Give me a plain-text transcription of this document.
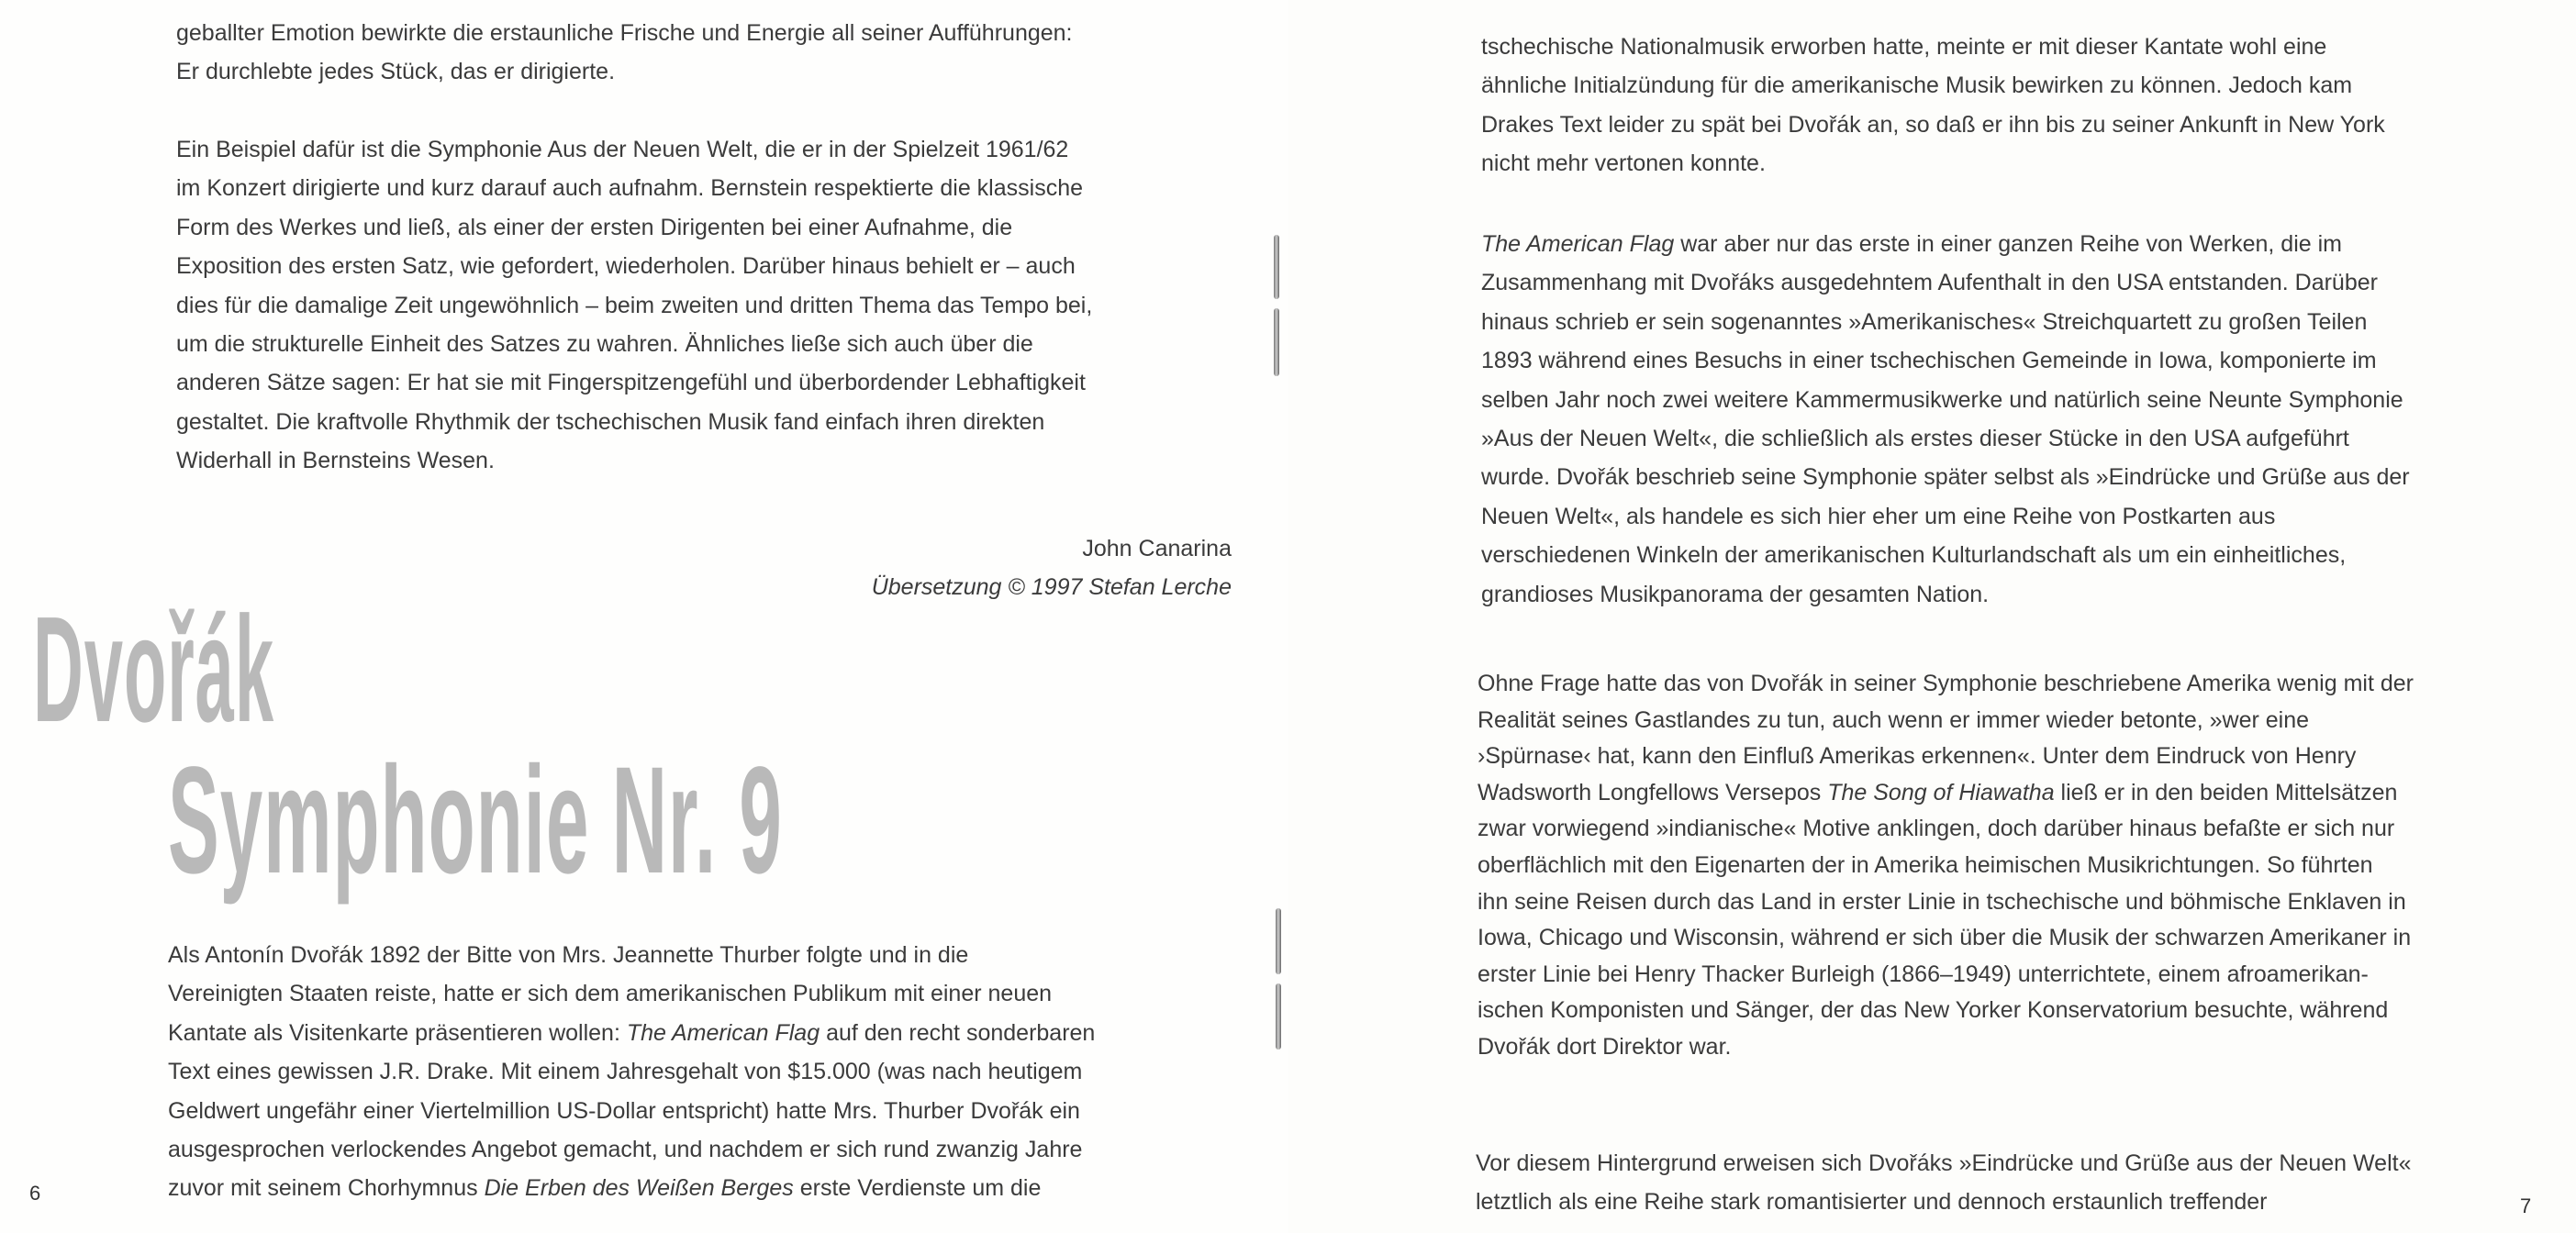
geballter Emotion bewirkte die erstaunliche Frische und Energie all seiner Aufführungen:
Er durchlebte jedes Stück, das er dirigierte.
Ein Beispiel dafür ist die Symphonie Aus der Neuen Welt, die er in der Spielzeit 1961/62
im Konzert dirigierte und kurz darauf auch aufnahm. Bernstein respektierte die klassische
Form des Werkes und ließ, als einer der ersten Dirigenten bei einer Aufnahme, die
Exposition des ersten Satz, wie gefordert, wiederholen. Darüber hinaus behielt er – auch
dies für die damalige Zeit ungewöhnlich – beim zweiten und dritten Thema das Tempo bei,
um die strukturelle Einheit des Satzes zu wahren. Ähnliches ließe sich auch über die
anderen Sätze sagen: Er hat sie mit Fingerspitzengefühl und überbordender Lebhaftigkeit
gestaltet. Die kraftvolle Rhythmik der tschechischen Musik fand einfach ihren direkten
Widerhall in Bernsteins Wesen.
John Canarina
Übersetzung © 1997 Stefan Lerche
Dvořák
Symphonie Nr. 9
Als Antonín Dvořák 1892 der Bitte von Mrs. Jeannette Thurber folgte und in die
Vereinigten Staaten reiste, hatte er sich dem amerikanischen Publikum mit einer neuen
Kantate als Visitenkarte präsentieren wollen: The American Flag auf den recht sonderbaren
Text eines gewissen J.R. Drake. Mit einem Jahresgehalt von $15.000 (was nach heutigem
Geldwert ungefähr einer Viertelmillion US-Dollar entspricht) hatte Mrs. Thurber Dvořák ein
ausgesprochen verlockendes Angebot gemacht, und nachdem er sich rund zwanzig Jahre
zuvor mit seinem Chorhymnus Die Erben des Weißen Berges erste Verdienste um die
6
tschechische Nationalmusik erworben hatte, meinte er mit dieser Kantate wohl eine
ähnliche Initialzündung für die amerikanische Musik bewirken zu können. Jedoch kam
Drakes Text leider zu spät bei Dvořák an, so daß er ihn bis zu seiner Ankunft in New York
nicht mehr vertonen konnte.
The American Flag war aber nur das erste in einer ganzen Reihe von Werken, die im
Zusammenhang mit Dvořáks ausgedehntem Aufenthalt in den USA entstanden. Darüber
hinaus schrieb er sein sogenanntes »Amerikanisches« Streichquartett zu großen Teilen
1893 während eines Besuchs in einer tschechischen Gemeinde in Iowa, komponierte im
selben Jahr noch zwei weitere Kammermusikwerke und natürlich seine Neunte Symphonie
»Aus der Neuen Welt«, die schließlich als erstes dieser Stücke in den USA aufgeführt
wurde. Dvořák beschrieb seine Symphonie später selbst als »Eindrücke und Grüße aus der
Neuen Welt«, als handele es sich hier eher um eine Reihe von Postkarten aus
verschiedenen Winkeln der amerikanischen Kulturlandschaft als um ein einheitliches,
grandioses Musikpanorama der gesamten Nation.
Ohne Frage hatte das von Dvořák in seiner Symphonie beschriebene Amerika wenig mit der
Realität seines Gastlandes zu tun, auch wenn er immer wieder betonte, »wer eine
›Spürnase‹ hat, kann den Einfluß Amerikas erkennen«. Unter dem Eindruck von Henry
Wadsworth Longfellows Versepos The Song of Hiawatha ließ er in den beiden Mittelsätzen
zwar vorwiegend »indianische« Motive anklingen, doch darüber hinaus befaßte er sich nur
oberflächlich mit den Eigenarten der in Amerika heimischen Musikrichtungen. So führten
ihn seine Reisen durch das Land in erster Linie in tschechische und böhmische Enklaven in
Iowa, Chicago und Wisconsin, während er sich über die Musik der schwarzen Amerikaner in
erster Linie bei Henry Thacker Burleigh (1866–1949) unterrichtete, einem afroamerikan-
ischen Komponisten und Sänger, der das New Yorker Konservatorium besuchte, während
Dvořák dort Direktor war.
Vor diesem Hintergrund erweisen sich Dvořáks »Eindrücke und Grüße aus der Neuen Welt«
letztlich als eine Reihe stark romantisierter und dennoch erstaunlich treffender	7
